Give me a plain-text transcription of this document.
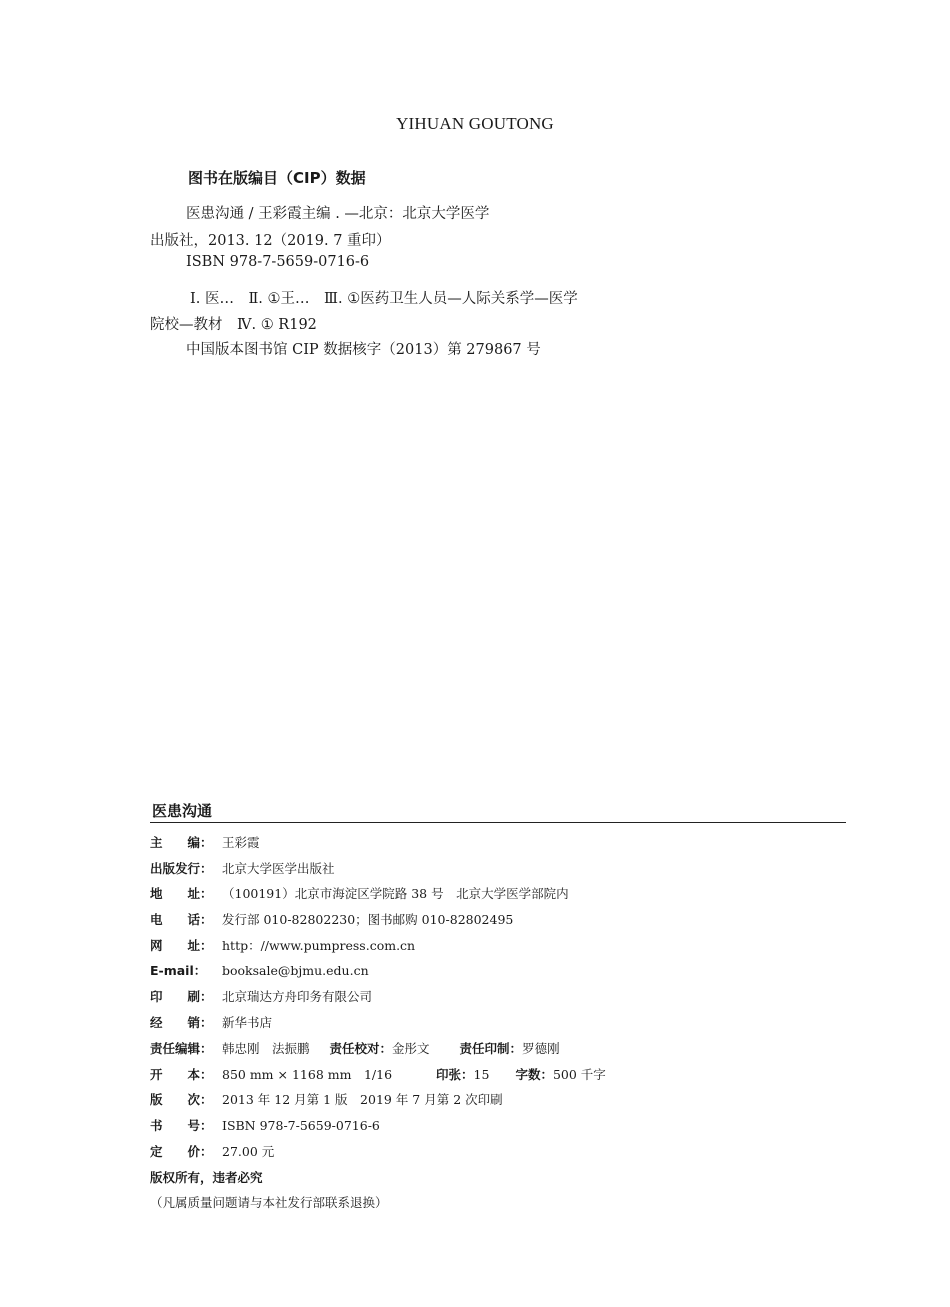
YIHUAN GOUTONG
图书在版编目（CIP）数据
医患沟通 / 王彩霞主编 . —北京：北京大学医学
出版社，2013. 12（2019. 7 重印）
ISBN 978-7-5659-0716-6
Ⅰ. 医…　Ⅱ. ①王…　Ⅲ. ①医药卫生人员—人际关系学—医学
院校—教材　Ⅳ. ① R192
中国版本图书馆 CIP 数据核字（2013）第 279867 号
医患沟通
主　　编： 王彩霞
出版发行： 北京大学医学出版社
地　　址： （100191）北京市海淀区学院路 38 号　北京大学医学部院内
电　　话： 发行部 010-82802230；图书邮购 010-82802495
网　　址： http：//www.pumpress.com.cn
E-mail： booksale@bjmu.edu.cn
印　　刷： 北京瑞达方舟印务有限公司
经　　销： 新华书店
责任编辑： 韩忠刚　法振鹏 责任校对：金彤文 责任印制：罗德刚
开　　本： 850 mm × 1168 mm　1/16	印张：15 字数：500 千字
版　　次： 2013 年 12 月第 1 版　2019 年 7 月第 2 次印刷
书　　号： ISBN 978-7-5659-0716-6
定　　价： 27.00 元
版权所有，违者必究
（凡属质量问题请与本社发行部联系退换）
